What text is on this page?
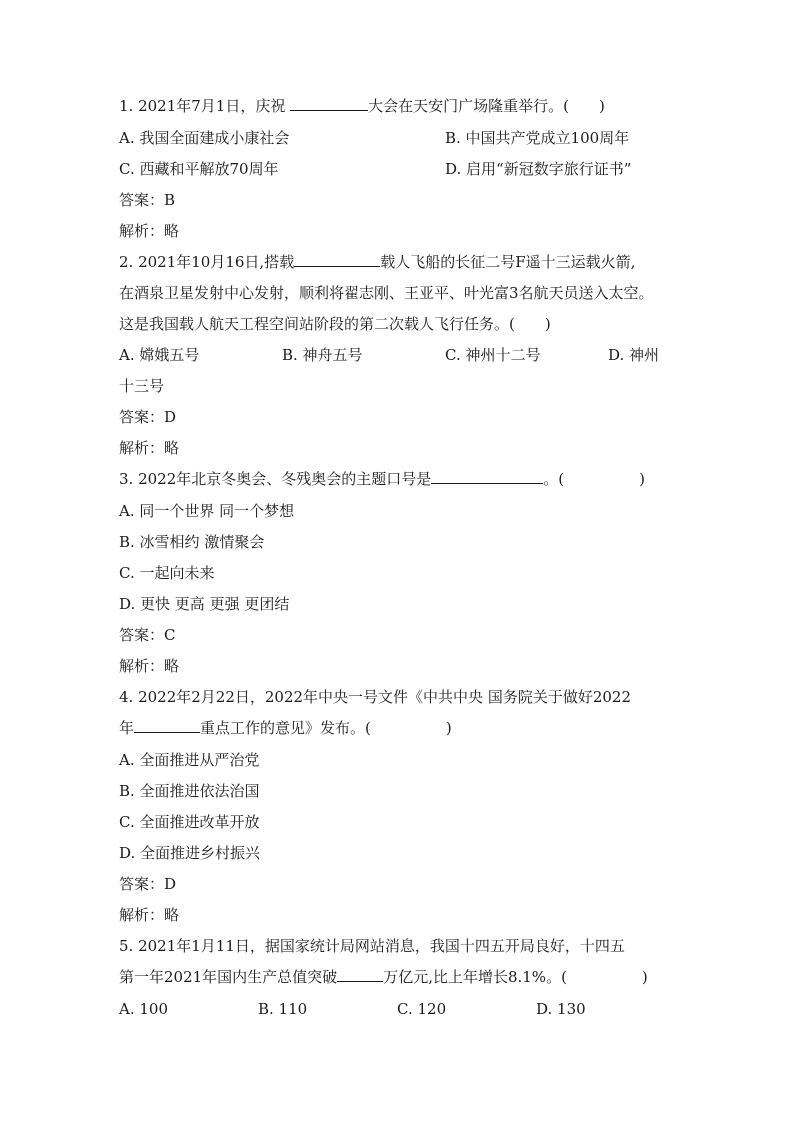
1. 2021年7月1日，庆祝	大会在天安门广场隆重举行。(　　)
A. 我国全面建成小康社会	B. 中国共产党成立100周年
C. 西藏和平解放70周年	D. 启用“新冠数字旅行证书”
答案：B
解析：略
2. 2021年10月16日,搭载	载人飞船的长征二号F遥十三运载火箭,
在酒泉卫星发射中心发射，顺利将翟志刚、王亚平、叶光富3名航天员送入太空。
这是我国载人航天工程空间站阶段的第二次载人飞行任务。(　　)
A. 嫦娥五号	B. 神舟五号	C. 神州十二号	D. 神州
十三号
答案：D
解析：略
3. 2022年北京冬奥会、冬残奥会的主题口号是	。(　　　　　)
A. 同一个世界 同一个梦想
B. 冰雪相约 激情聚会
C. 一起向未来
D. 更快 更高 更强 更团结
答案：C
解析：略
4. 2022年2月22日，2022年中央一号文件《中共中央 国务院关于做好2022
年	重点工作的意见》发布。(　　　　　)
A. 全面推进从严治党
B. 全面推进依法治国
C. 全面推进改革开放
D. 全面推进乡村振兴
答案：D
解析：略
5. 2021年1月11日，据国家统计局网站消息，我国十四五开局良好，十四五
第一年2021年国内生产总值突破	万亿元,比上年增长8.1%。(　　　　　)
A. 100	B. 110	C. 120	D. 130
